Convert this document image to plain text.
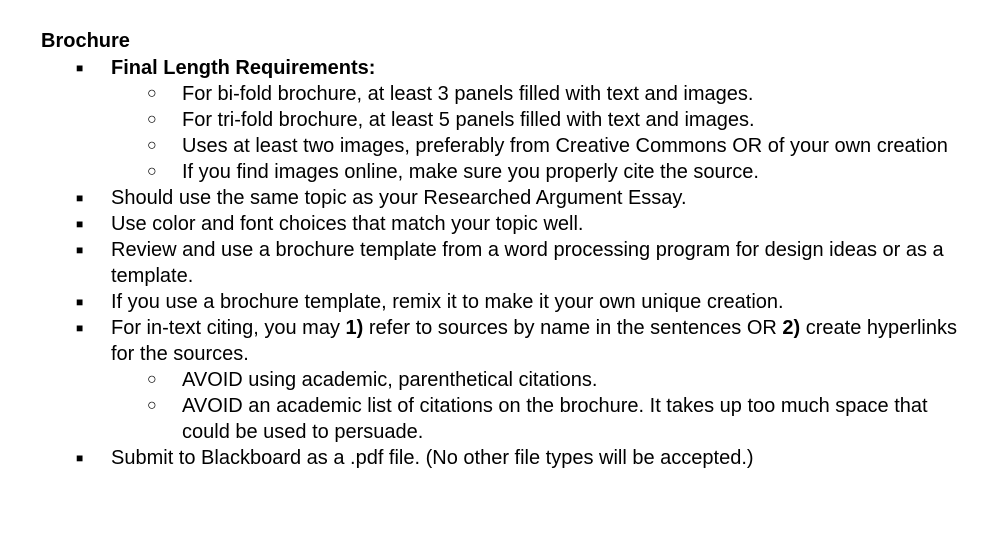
Brochure
■ Final Length Requirements:
○ For bi-fold brochure, at least 3 panels filled with text and images.
○ For tri-fold brochure, at least 5 panels filled with text and images.
○ Uses at least two images, preferably from Creative Commons OR of your own creation
○ If you find images online, make sure you properly cite the source.
■ Should use the same topic as your Researched Argument Essay.
■ Use color and font choices that match your topic well.
■ Review and use a brochure template from a word processing program for design ideas or as a template.
■ If you use a brochure template, remix it to make it your own unique creation.
■ For in-text citing, you may 1) refer to sources by name in the sentences OR 2) create hyperlinks for the sources.
○ AVOID using academic, parenthetical citations.
○ AVOID an academic list of citations on the brochure. It takes up too much space that could be used to persuade.
■ Submit to Blackboard as a .pdf file. (No other file types will be accepted.)
